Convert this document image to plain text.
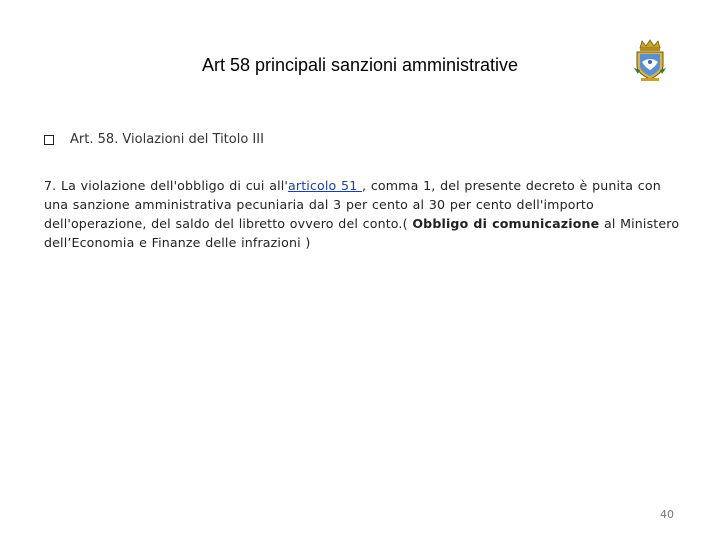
Art 58 principali sanzioni amministrative
Art. 58. Violazioni del Titolo III
7. La violazione dell'obbligo di cui all'articolo 51 , comma 1, del presente decreto è punita con una sanzione amministrativa pecuniaria dal 3 per cento al 30 per cento dell'importo dell'operazione, del saldo del libretto ovvero del conto.( Obbligo di comunicazione al Ministero dell’Economia e Finanze delle infrazioni )
40
